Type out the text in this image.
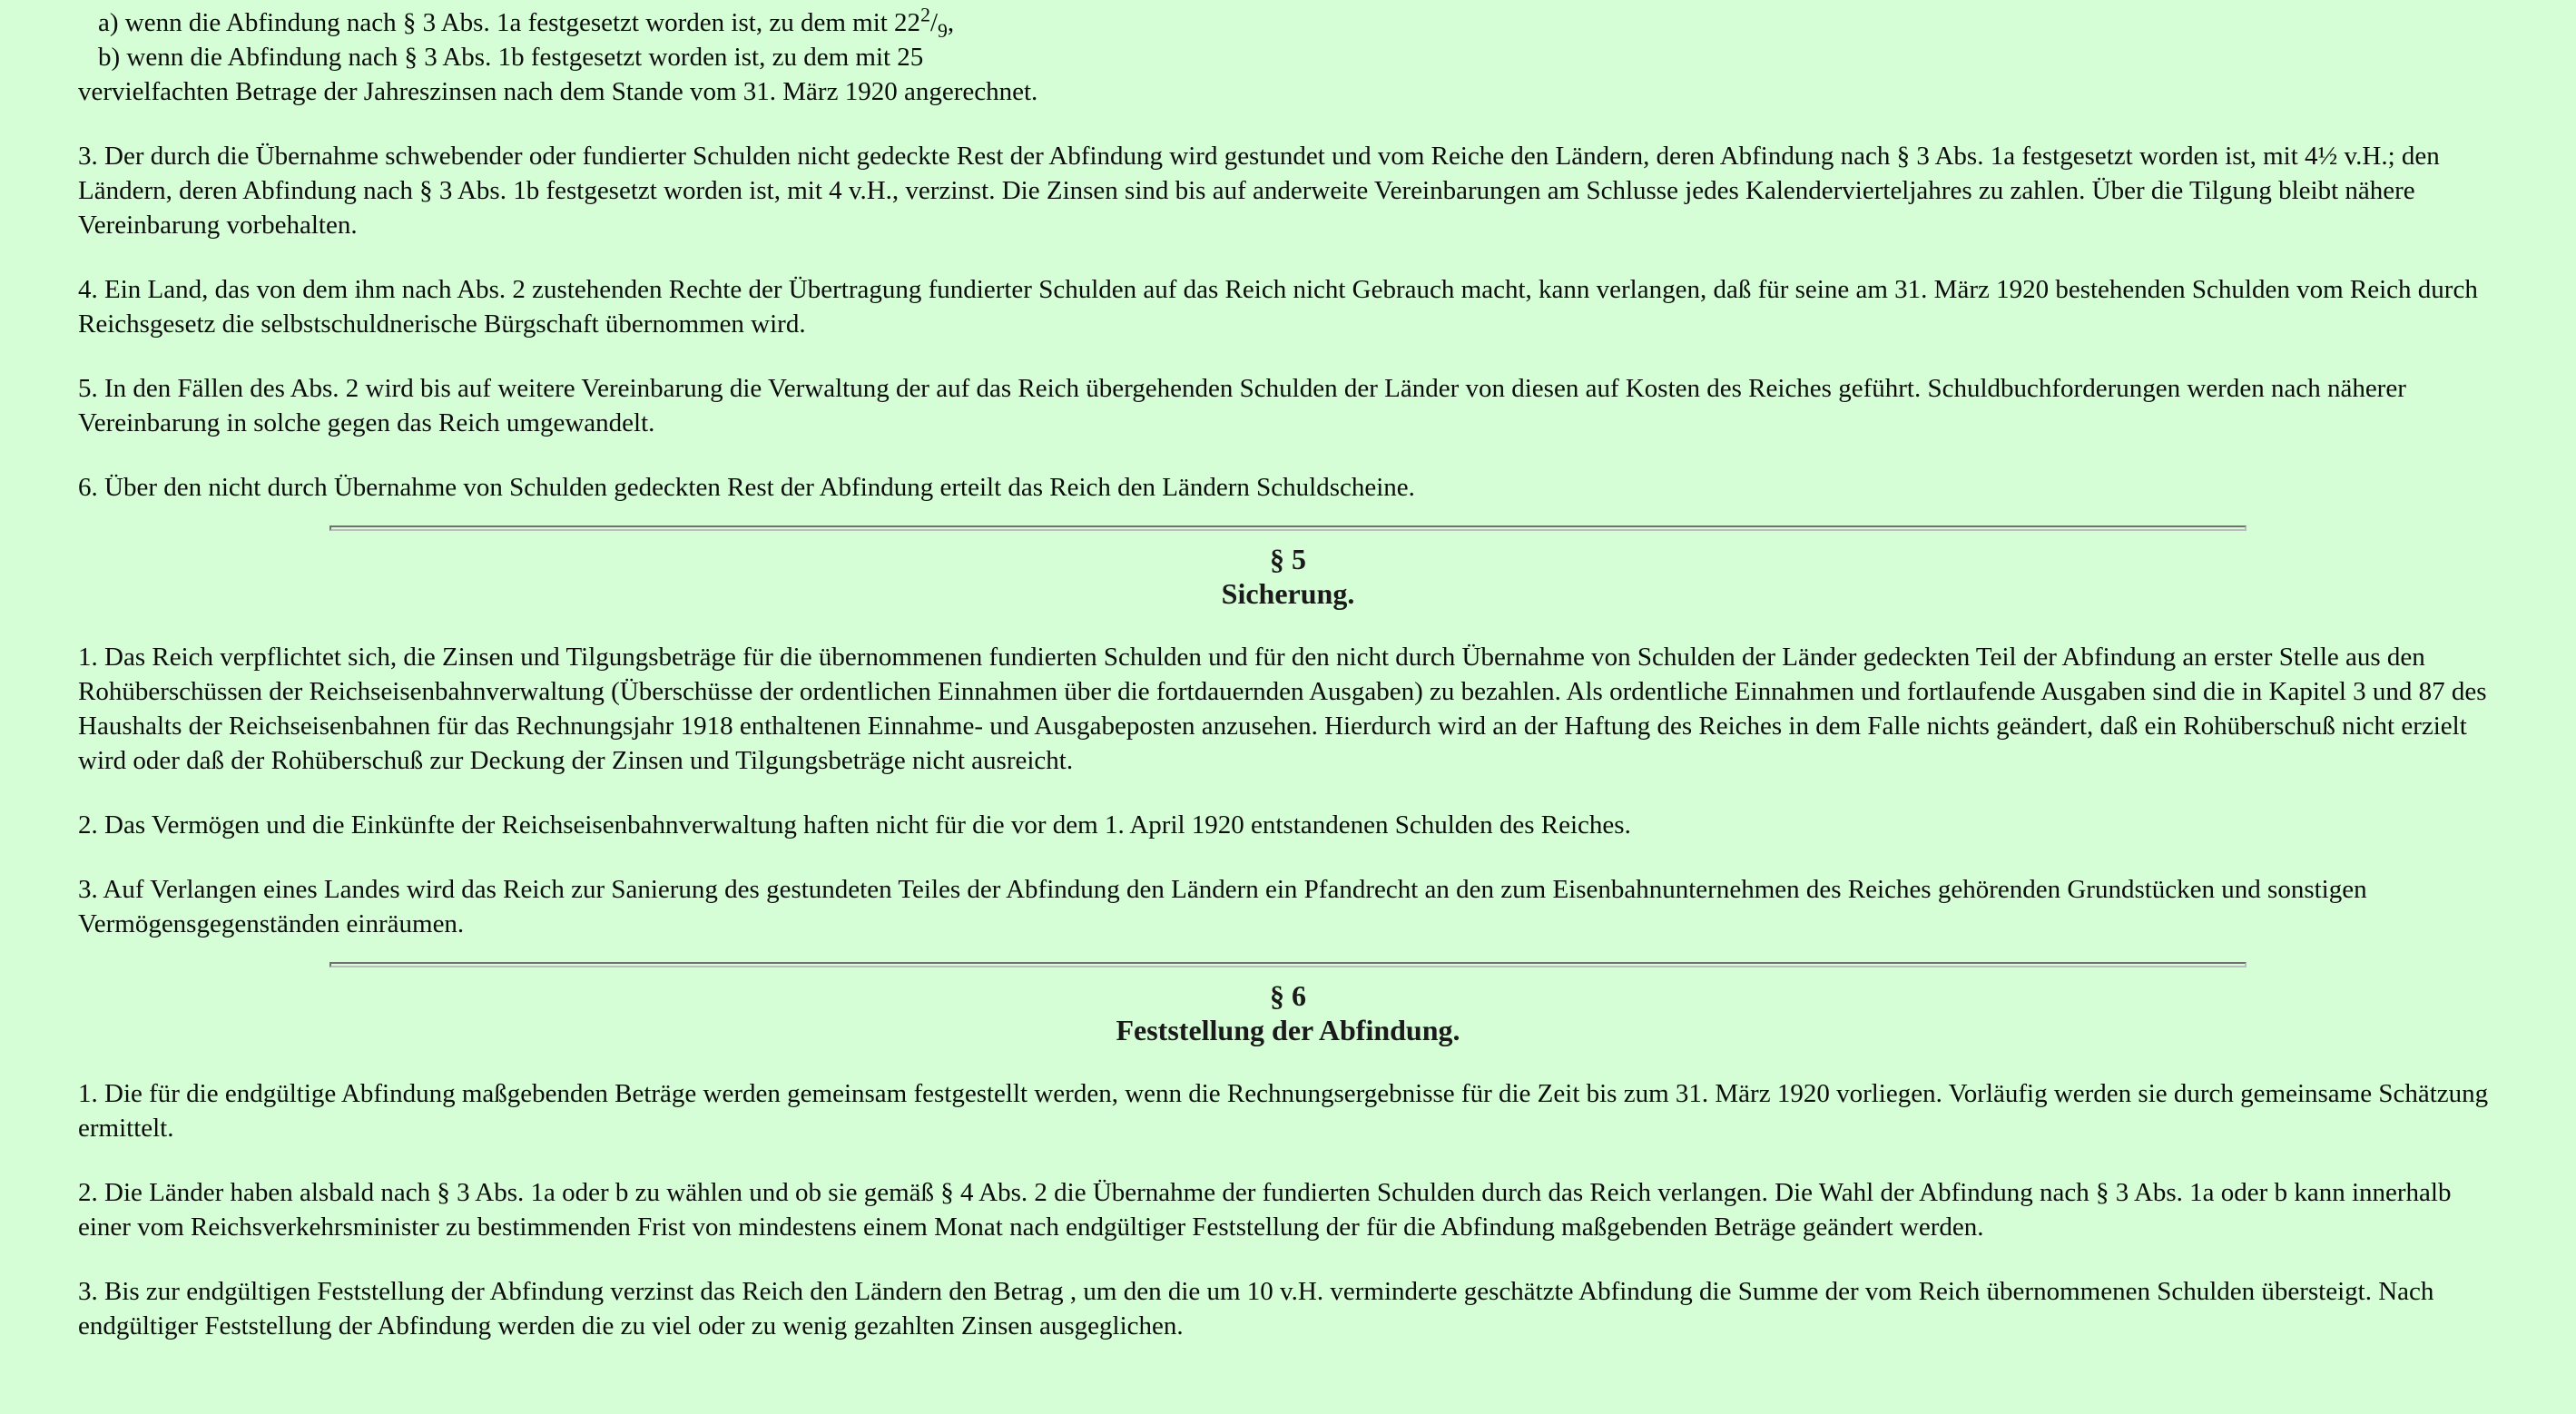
a) wenn die Abfindung nach § 3 Abs. 1a festgesetzt worden ist, zu dem mit $22^2/_9$,
b) wenn die Abfindung nach § 3 Abs. 1b festgesetzt worden ist, zu dem mit 25
vervielfachten Betrage der Jahreszinsen nach dem Stande vom 31. März 1920 angerechnet.

3. Der durch die Übernahme schwebender oder fundierter Schulden nicht gedeckte Rest der Abfindung wird gestundet und vom Reiche den Ländern, deren Abfindung nach § 3 Abs. 1a festgesetzt worden ist, mit 4½ v.H.; den Ländern, deren Abfindung nach § 3 Abs. 1b festgesetzt worden ist, mit 4 v.H., verzinst. Die Zinsen sind bis auf anderweite Vereinbarungen am Schlusse jedes Kalendervierteljahres zu zahlen. Über die Tilgung bleibt nähere Vereinbarung vorbehalten.

4. Ein Land, das von dem ihm nach Abs. 2 zustehenden Rechte der Übertragung fundierter Schulden auf das Reich nicht Gebrauch macht, kann verlangen, daß für seine am 31. März 1920 bestehenden Schulden vom Reich durch Reichsgesetz die selbstschuldnerische Bürgschaft übernommen wird.

5. In den Fällen des Abs. 2 wird bis auf weitere Vereinbarung die Verwaltung der auf das Reich übergehenden Schulden der Länder von diesen auf Kosten des Reiches geführt. Schuldbuchforderungen werden nach näherer Vereinbarung in solche gegen das Reich umgewandelt.

6. Über den nicht durch Übernahme von Schulden gedeckten Rest der Abfindung erteilt das Reich den Ländern Schuldscheine.

§ 5
Sicherung.

1. Das Reich verpflichtet sich, die Zinsen und Tilgungsbeträge für die übernommenen fundierten Schulden und für den nicht durch Übernahme von Schulden der Länder gedeckten Teil der Abfindung an erster Stelle aus den Rohüberschüssen der Reichseisenbahnverwaltung (Überschüsse der ordentlichen Einnahmen über die fortdauernden Ausgaben) zu bezahlen. Als ordentliche Einnahmen und fortlaufende Ausgaben sind die in Kapitel 3 und 87 des Haushalts der Reichseisenbahnen für das Rechnungsjahr 1918 enthaltenen Einnahme- und Ausgabeposten anzusehen. Hierdurch wird an der Haftung des Reiches in dem Falle nichts geändert, daß ein Rohüberschuß nicht erzielt wird oder daß der Rohüberschuß zur Deckung der Zinsen und Tilgungsbeträge nicht ausreicht.

2. Das Vermögen und die Einkünfte der Reichseisenbahnverwaltung haften nicht für die vor dem 1. April 1920 entstandenen Schulden des Reiches.

3. Auf Verlangen eines Landes wird das Reich zur Sanierung des gestundeten Teiles der Abfindung den Ländern ein Pfandrecht an den zum Eisenbahnunternehmen des Reiches gehörenden Grundstücken und sonstigen Vermögensgegenständen einräumen.

§ 6
Feststellung der Abfindung.

1. Die für die endgültige Abfindung maßgebenden Beträge werden gemeinsam festgestellt werden, wenn die Rechnungsergebnisse für die Zeit bis zum 31. März 1920 vorliegen. Vorläufig werden sie durch gemeinsame Schätzung ermittelt.

2. Die Länder haben alsbald nach § 3 Abs. 1a oder b zu wählen und ob sie gemäß § 4 Abs. 2 die Übernahme der fundierten Schulden durch das Reich verlangen. Die Wahl der Abfindung nach § 3 Abs. 1a oder b kann innerhalb einer vom Reichsverkehrsminister zu bestimmenden Frist von mindestens einem Monat nach endgültiger Feststellung der für die Abfindung maßgebenden Beträge geändert werden.

3. Bis zur endgültigen Feststellung der Abfindung verzinst das Reich den Ländern den Betrag , um den die um 10 v.H. verminderte geschätzte Abfindung die Summe der vom Reich übernommenen Schulden übersteigt. Nach endgültiger Feststellung der Abfindung werden die zu viel oder zu wenig gezahlten Zinsen ausgeglichen.
